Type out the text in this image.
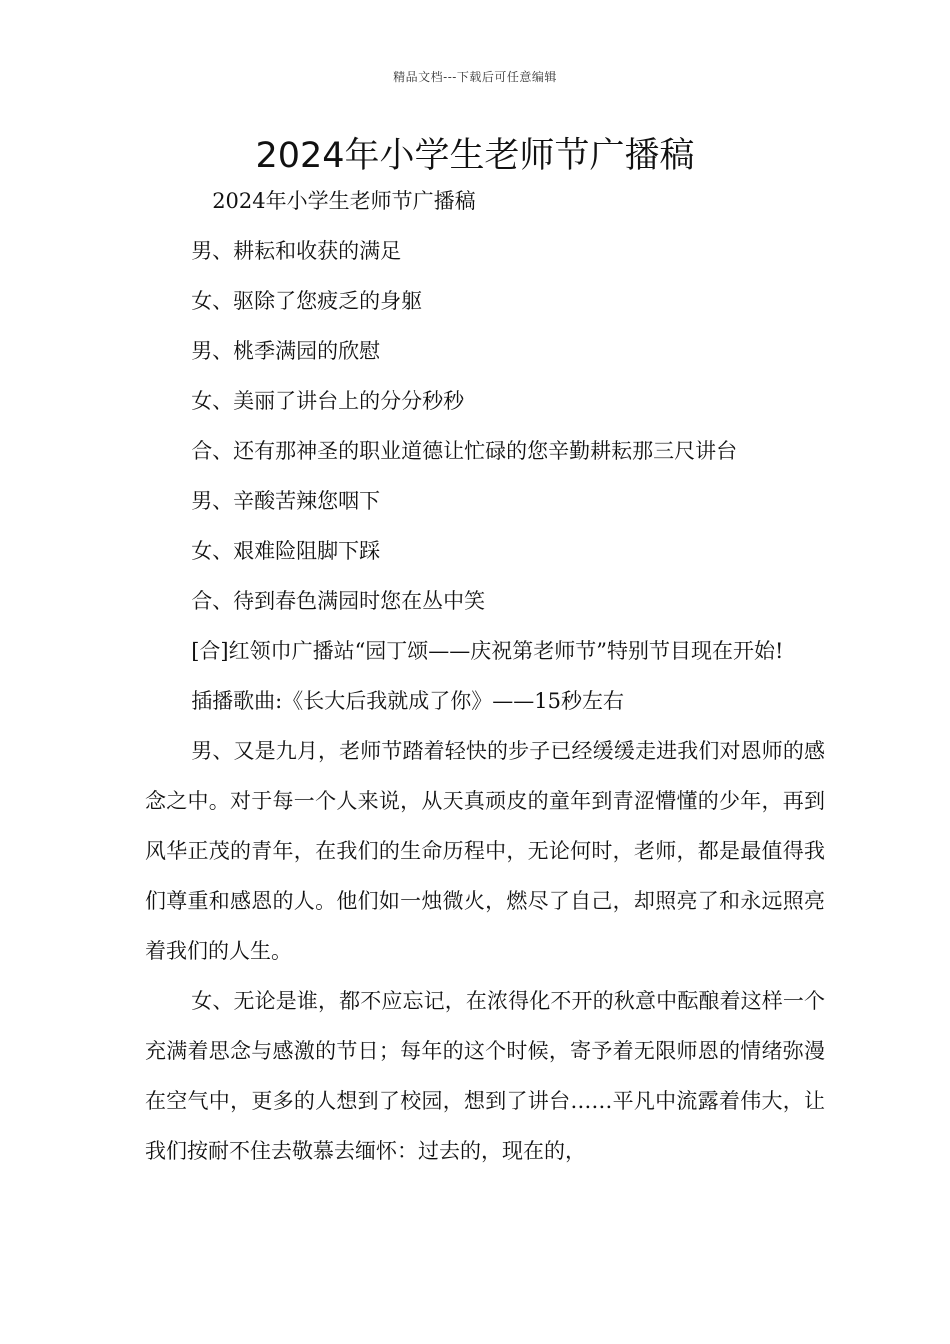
精品文档---下载后可任意编辑
2024年小学生老师节广播稿

2024年小学生老师节广播稿

男、耕耘和收获的满足

女、驱除了您疲乏的身躯

男、桃季满园的欣慰

女、美丽了讲台上的分分秒秒

合、还有那神圣的职业道德让忙碌的您辛勤耕耘那三尺讲台

男、辛酸苦辣您咽下

女、艰难险阻脚下踩

合、待到春色满园时您在丛中笑

[合]红领巾广播站“园丁颂——庆祝第老师节”特别节目现在开始!

插播歌曲:《长大后我就成了你》——15秒左右

男、又是九月，老师节踏着轻快的步子已经缓缓走进我们对恩师的感念之中。对于每一个人来说，从天真顽皮的童年到青涩懵懂的少年，再到风华正茂的青年，在我们的生命历程中，无论何时，老师，都是最值得我们尊重和感恩的人。他们如一烛微火，燃尽了自己，却照亮了和永远照亮着我们的人生。

女、无论是谁，都不应忘记，在浓得化不开的秋意中酝酿着这样一个充满着思念与感激的节日；每年的这个时候，寄予着无限师恩的情绪弥漫在空气中，更多的人想到了校园，想到了讲台……平凡中流露着伟大，让我们按耐不住去敬慕去缅怀：过去的，现在的，
